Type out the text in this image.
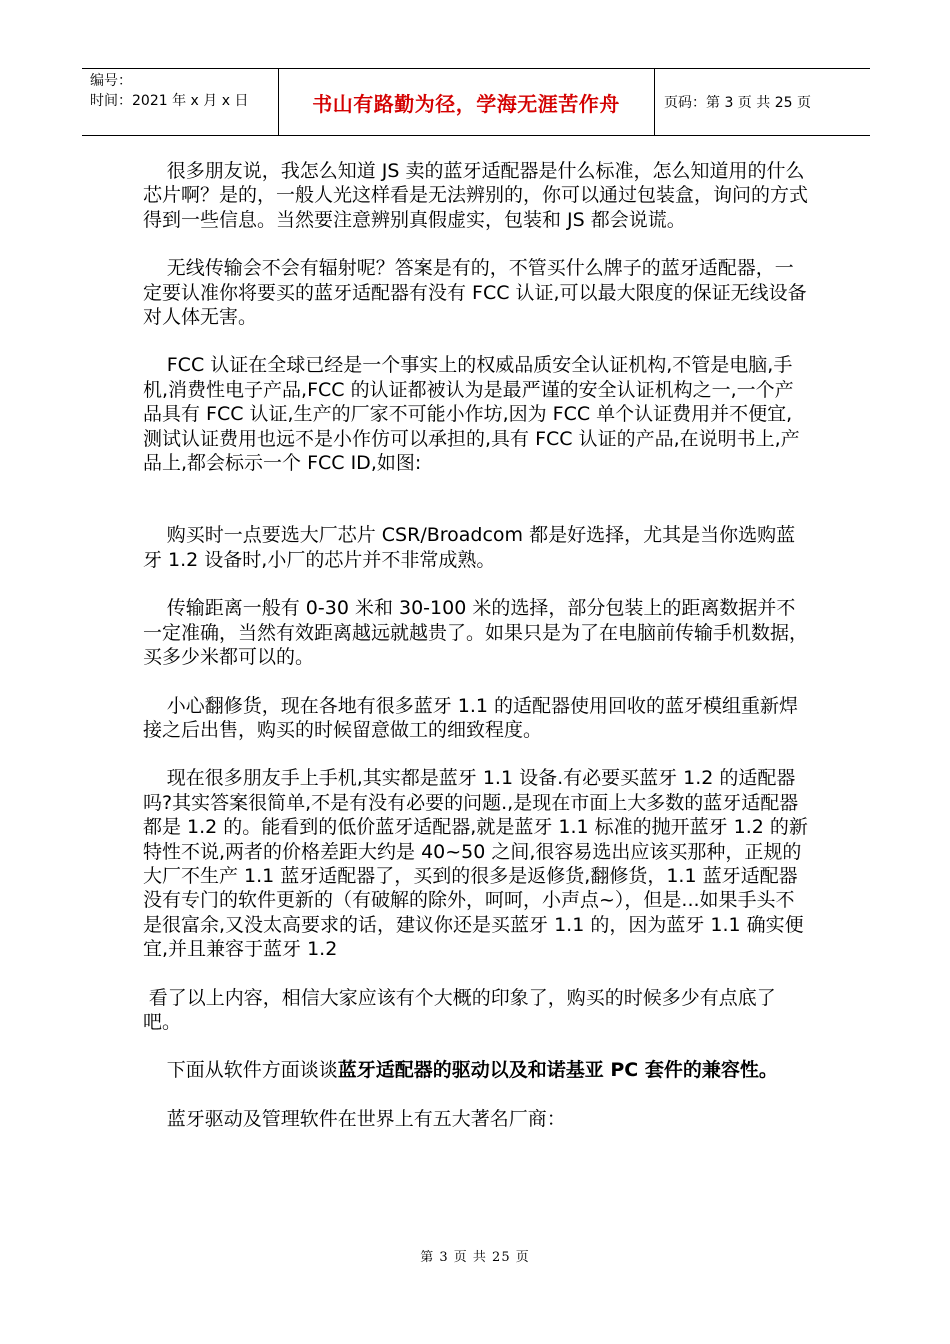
编号：
时间：2021 年 x 月 x 日	书山有路勤为径，学海无涯苦作舟	页码：第 3 页 共 25 页

很多朋友说，我怎么知道 JS 卖的蓝牙适配器是什么标准，怎么知道用的什么芯片啊？是的，一般人光这样看是无法辨别的，你可以通过包装盒，询问的方式得到一些信息。当然要注意辨别真假虚实，包装和 JS 都会说谎。

无线传输会不会有辐射呢？答案是有的，不管买什么牌子的蓝牙适配器，一定要认准你将要买的蓝牙适配器有没有 FCC 认证,可以最大限度的保证无线设备对人体无害。

FCC 认证在全球已经是一个事实上的权威品质安全认证机构,不管是电脑,手机,消费性电子产品,FCC 的认证都被认为是最严谨的安全认证机构之一,一个产品具有 FCC 认证,生产的厂家不可能小作坊,因为 FCC 单个认证费用并不便宜,测试认证费用也远不是小作仿可以承担的,具有 FCC 认证的产品,在说明书上,产品上,都会标示一个 FCC ID,如图:

购买时一点要选大厂芯片 CSR/Broadcom 都是好选择，尤其是当你选购蓝牙 1.2 设备时,小厂的芯片并不非常成熟。

传输距离一般有 0-30 米和 30-100 米的选择，部分包装上的距离数据并不一定准确，当然有效距离越远就越贵了。如果只是为了在电脑前传输手机数据，买多少米都可以的。

小心翻修货，现在各地有很多蓝牙 1.1 的适配器使用回收的蓝牙模组重新焊接之后出售，购买的时候留意做工的细致程度。

现在很多朋友手上手机,其实都是蓝牙 1.1 设备.有必要买蓝牙 1.2 的适配器吗?其实答案很简单,不是有没有必要的问题.,是现在市面上大多数的蓝牙适配器都是 1.2 的。能看到的低价蓝牙适配器,就是蓝牙 1.1 标准的抛开蓝牙 1.2 的新特性不说,两者的价格差距大约是 40~50 之间,很容易选出应该买那种，正规的大厂不生产 1.1 蓝牙适配器了，买到的很多是返修货,翻修货，1.1 蓝牙适配器没有专门的软件更新的（有破解的除外，呵呵，小声点~），但是...如果手头不是很富余,又没太高要求的话，建议你还是买蓝牙 1.1 的，因为蓝牙 1.1 确实便宜,并且兼容于蓝牙 1.2

看了以上内容，相信大家应该有个大概的印象了，购买的时候多少有点底了吧。

下面从软件方面谈谈蓝牙适配器的驱动以及和诺基亚 PC 套件的兼容性。

蓝牙驱动及管理软件在世界上有五大著名厂商：

第 3 页 共 25 页
